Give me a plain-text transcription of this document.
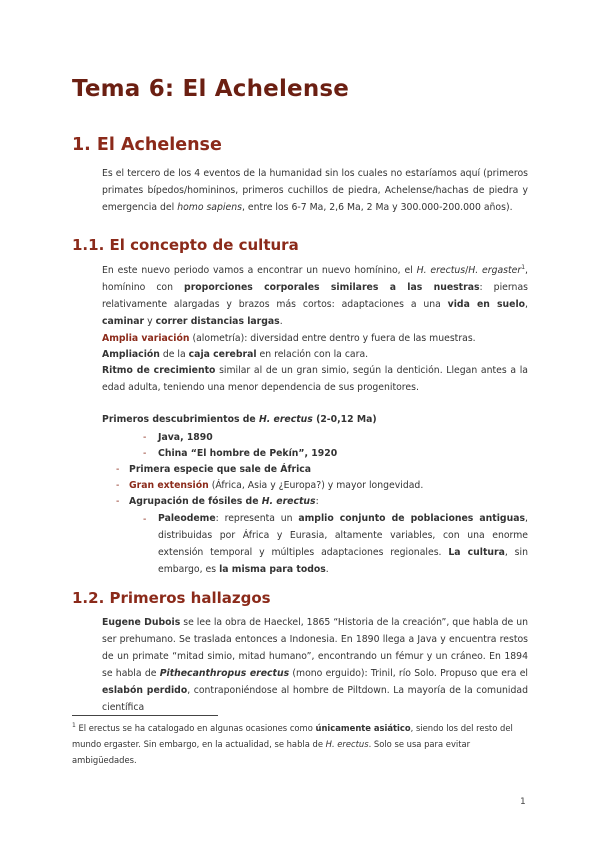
Tema 6: El Achelense
1. El Achelense

Es el tercero de los 4 eventos de la humanidad sin los cuales no estaríamos aquí (primeros primates bípedos/homininos, primeros cuchillos de piedra, Achelense/hachas de piedra y emergencia del homo sapiens, entre los 6-7 Ma, 2,6 Ma, 2 Ma y 300.000-200.000 años).

1.1. El concepto de cultura

En este nuevo periodo vamos a encontrar un nuevo homínino, el H. erectus/H. ergaster$^1$, homínino con proporciones corporales similares a las nuestras: piernas relativamente alargadas y brazos más cortos: adaptaciones a una vida en suelo, caminar y correr distancias largas.

Amplia variación (alometría): diversidad entre dentro y fuera de las muestras.
Ampliación de la caja cerebral en relación con la cara.

Ritmo de crecimiento similar al de un gran simio, según la dentición. Llegan antes a la edad adulta, teniendo una menor dependencia de sus progenitores.

Primeros descubrimientos de H. erectus (2-0,12 Ma)
- Java, 1890
- China “El hombre de Pekín”, 1920
- Primera especie que sale de África
- Gran extensión (África, Asia y ¿Europa?) y mayor longevidad.
- Agrupación de fósiles de H. erectus:
- Paleodeme: representa un amplio conjunto de poblaciones antiguas, distribuidas por África y Eurasia, altamente variables, con una enorme extensión temporal y múltiples adaptaciones regionales. La cultura, sin embargo, es la misma para todos.

1.2. Primeros hallazgos

Eugene Dubois se lee la obra de Haeckel, 1865 “Historia de la creación”, que habla de un ser prehumano. Se traslada entonces a Indonesia. En 1890 llega a Java y encuentra restos de un primate “mitad simio, mitad humano”, encontrando un fémur y un cráneo. En 1894 se habla de Pithecanthropus erectus (mono erguido): Trinil, río Solo. Propuso que era el eslabón perdido, contraponiéndose al hombre de Piltdown. La mayoría de la comunidad científica

$^1$ El erectus se ha catalogado en algunas ocasiones como únicamente asiático, siendo los del resto del mundo ergaster. Sin embargo, en la actualidad, se habla de H. erectus. Solo se usa para evitar ambigüedades.
1
